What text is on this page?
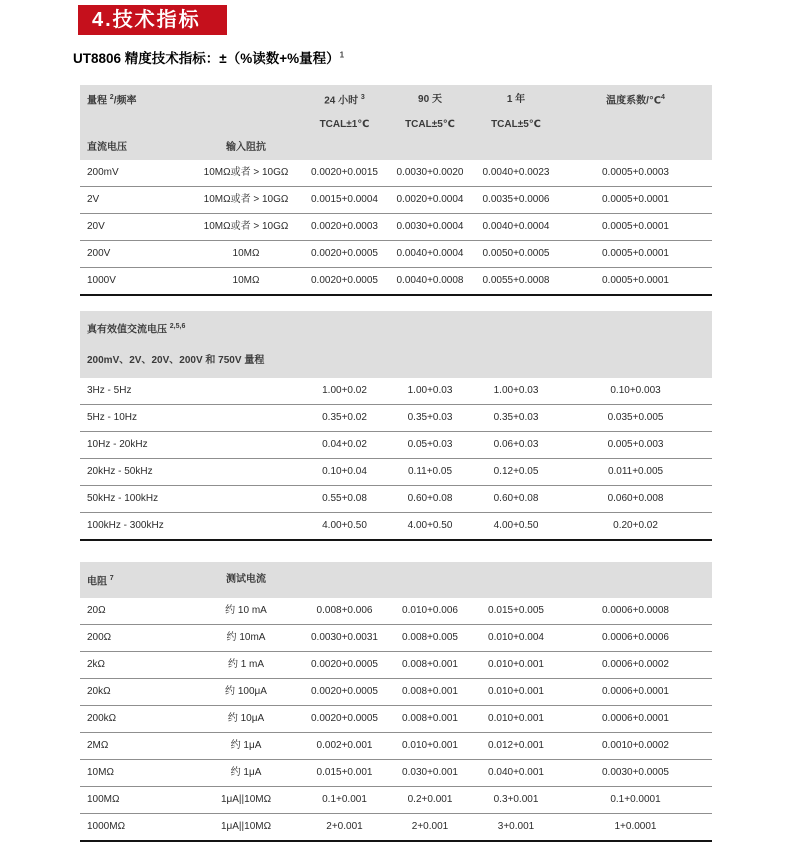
4.技术指标
UT8806 精度技术指标：±（%读数+%量程）$^1$
量程 $^2$/频率		24 小时 $^3$	90 天	1 年	温度系数/℃$^4$
		TCAL±1℃	TCAL±5℃	TCAL±5℃	
直流电压	输入阻抗				
200mV	10MΩ或者 > 10GΩ	0.0020+0.0015	0.0030+0.0020	0.0040+0.0023	0.0005+0.0003
2V	10MΩ或者 > 10GΩ	0.0015+0.0004	0.0020+0.0004	0.0035+0.0006	0.0005+0.0001
20V	10MΩ或者 > 10GΩ	0.0020+0.0003	0.0030+0.0004	0.0040+0.0004	0.0005+0.0001
200V	10MΩ	0.0020+0.0005	0.0040+0.0004	0.0050+0.0005	0.0005+0.0001
1000V	10MΩ	0.0020+0.0005	0.0040+0.0008	0.0055+0.0008	0.0005+0.0001
真有效值交流电压 $^{2,5,6}$
200mV、2V、20V、200V 和 750V 量程					
3Hz - 5Hz		1.00+0.02	1.00+0.03	1.00+0.03	0.10+0.003
5Hz - 10Hz		0.35+0.02	0.35+0.03	0.35+0.03	0.035+0.005
10Hz - 20kHz		0.04+0.02	0.05+0.03	0.06+0.03	0.005+0.003
20kHz - 50kHz		0.10+0.04	0.11+0.05	0.12+0.05	0.011+0.005
50kHz - 100kHz		0.55+0.08	0.60+0.08	0.60+0.08	0.060+0.008
100kHz - 300kHz		4.00+0.50	4.00+0.50	4.00+0.50	0.20+0.02
电阻 $^7$	测试电流				
20Ω	约 10 mA	0.008+0.006	0.010+0.006	0.015+0.005	0.0006+0.0008
200Ω	约 10mA	0.0030+0.0031	0.008+0.005	0.010+0.004	0.0006+0.0006
2kΩ	约 1 mA	0.0020+0.0005	0.008+0.001	0.010+0.001	0.0006+0.0002
20kΩ	约 100μA	0.0020+0.0005	0.008+0.001	0.010+0.001	0.0006+0.0001
200kΩ	约 10μA	0.0020+0.0005	0.008+0.001	0.010+0.001	0.0006+0.0001
2MΩ	约 1μA	0.002+0.001	0.010+0.001	0.012+0.001	0.0010+0.0002
10MΩ	约 1μA	0.015+0.001	0.030+0.001	0.040+0.001	0.0030+0.0005
100MΩ	1μA||10MΩ	0.1+0.001	0.2+0.001	0.3+0.001	0.1+0.0001
1000MΩ	1μA||10MΩ	2+0.001	2+0.001	3+0.001	1+0.0001
